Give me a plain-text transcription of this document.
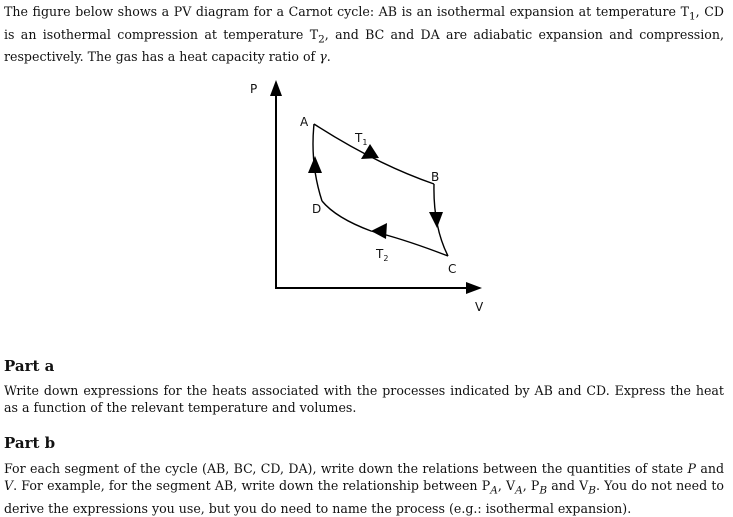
The figure below shows a PV diagram for a Carnot cycle: AB is an isothermal expansion at temperature $T_1$, CD is an isothermal compression at temperature $T_2$, and BC and DA are adiabatic expansion and compression, respectively. The gas has a heat capacity ratio of γ.

P
V
A
B
C
D
$T_1$
$T_2$
Part a

Write down expressions for the heats associated with the processes indicated by AB and CD. Express the heat as a function of the relevant temperature and volumes.

Part b

For each segment of the cycle (AB, BC, CD, DA), write down the relations between the quantities of state P and V. For example, for the segment AB, write down the relationship between $P_A$, $V_A$, $P_B$ and $V_B$. You do not need to derive the expressions you use, but you do need to name the process (e.g.: isothermal expansion).
